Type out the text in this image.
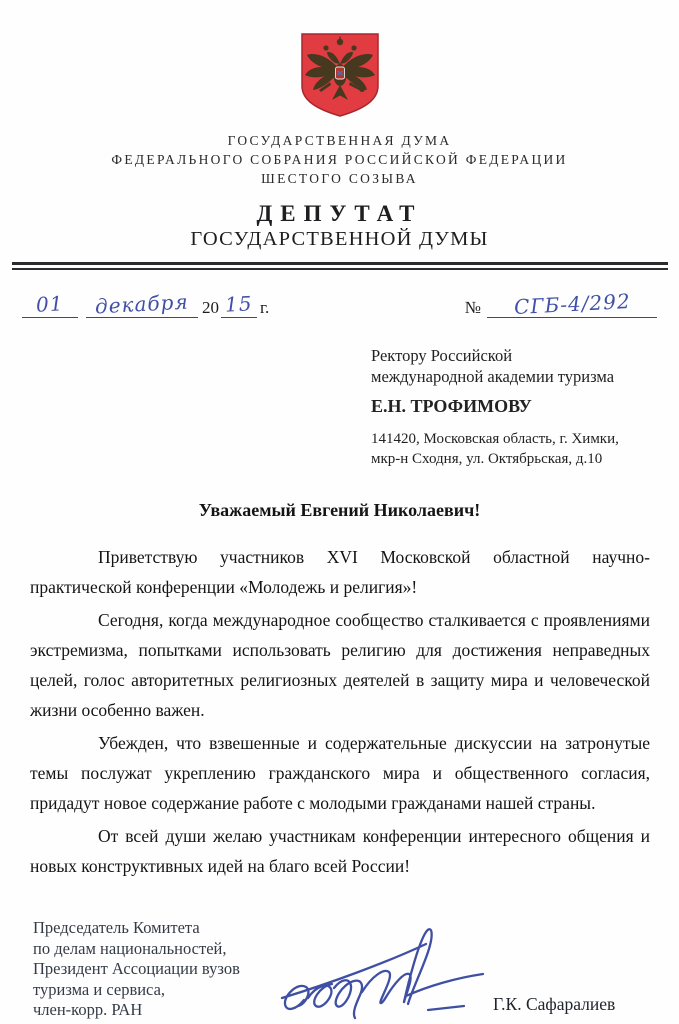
ГОСУДАРСТВЕННАЯ ДУМА
ФЕДЕРАЛЬНОГО СОБРАНИЯ РОССИЙСКОЙ ФЕДЕРАЦИИ
ШЕСТОГО СОЗЫВА
ДЕПУТАТ
ГОСУДАРСТВЕННОЙ ДУМЫ
01	декабря 20 15 г.	№	СГБ-4/292
Ректору Российской
международной академии туризма
Е.Н. ТРОФИМОВУ
141420, Московская область, г. Химки,
мкр-н Сходня, ул. Октябрьская, д.10
Уважаемый Евгений Николаевич!

Приветствую участников XVI Московской областной научно-практической конференции «Молодежь и религия»!

Сегодня, когда международное сообщество сталкивается с проявлениями экстремизма, попытками использовать религию для достижения неправедных целей, голос авторитетных религиозных деятелей в защиту мира и человеческой жизни особенно важен.

Убежден, что взвешенные и содержательные дискуссии на затронутые темы послужат укреплению гражданского мира и общественного согласия, придадут новое содержание работе с молодыми гражданами нашей страны.

От всей души желаю участникам конференции интересного общения и новых конструктивных идей на благо всей России!

Председатель Комитета
по делам национальностей,
Президент Ассоциации вузов
туризма и сервиса,
член-корр. РАН	Г.К. Сафаралиев
